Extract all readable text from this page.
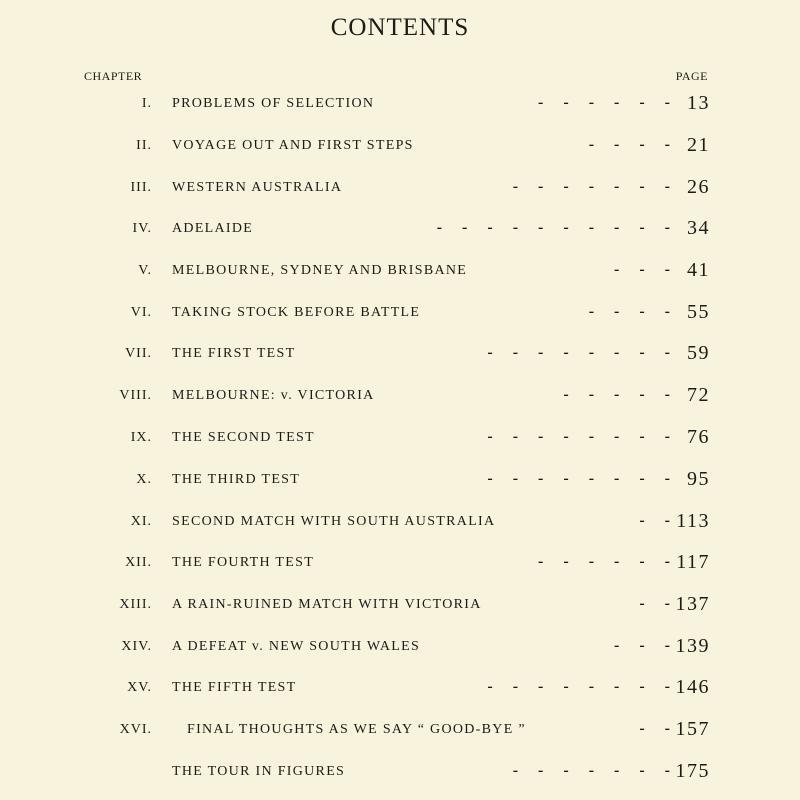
CONTENTS
CHAPTER	PAGE
I. PROBLEMS OF SELECTION	-     -     -     -     -     - 13
II. VOYAGE OUT AND FIRST STEPS	-     -     -     - 21
III. WESTERN AUSTRALIA	-     -     -     -     -     -     - 26
IV. ADELAIDE	-     -     -     -     -     -     -     -     -     - 34
V. MELBOURNE, SYDNEY AND BRISBANE	-     -     - 41
VI. TAKING STOCK BEFORE BATTLE	-     -     -     - 55
VII. THE FIRST TEST	-     -     -     -     -     -     -     - 59
VIII. MELBOURNE: v. VICTORIA	-     -     -     -     - 72
IX. THE SECOND TEST	-     -     -     -     -     -     -     - 76
X. THE THIRD TEST	-     -     -     -     -     -     -     - 95
XI. SECOND MATCH WITH SOUTH AUSTRALIA	-     - 113
XII. THE FOURTH TEST	-     -     -     -     -     - 117
XIII. A RAIN-RUINED MATCH WITH VICTORIA	-     - 137
XIV. A DEFEAT v. NEW SOUTH WALES	-     -     - 139
XV. THE FIFTH TEST	-     -     -     -     -     -     -     - 146
XVI.	FINAL THOUGHTS AS WE SAY “ GOOD-BYE ”	-     - 157
THE TOUR IN FIGURES	-     -     -     -     -     -     - 175
